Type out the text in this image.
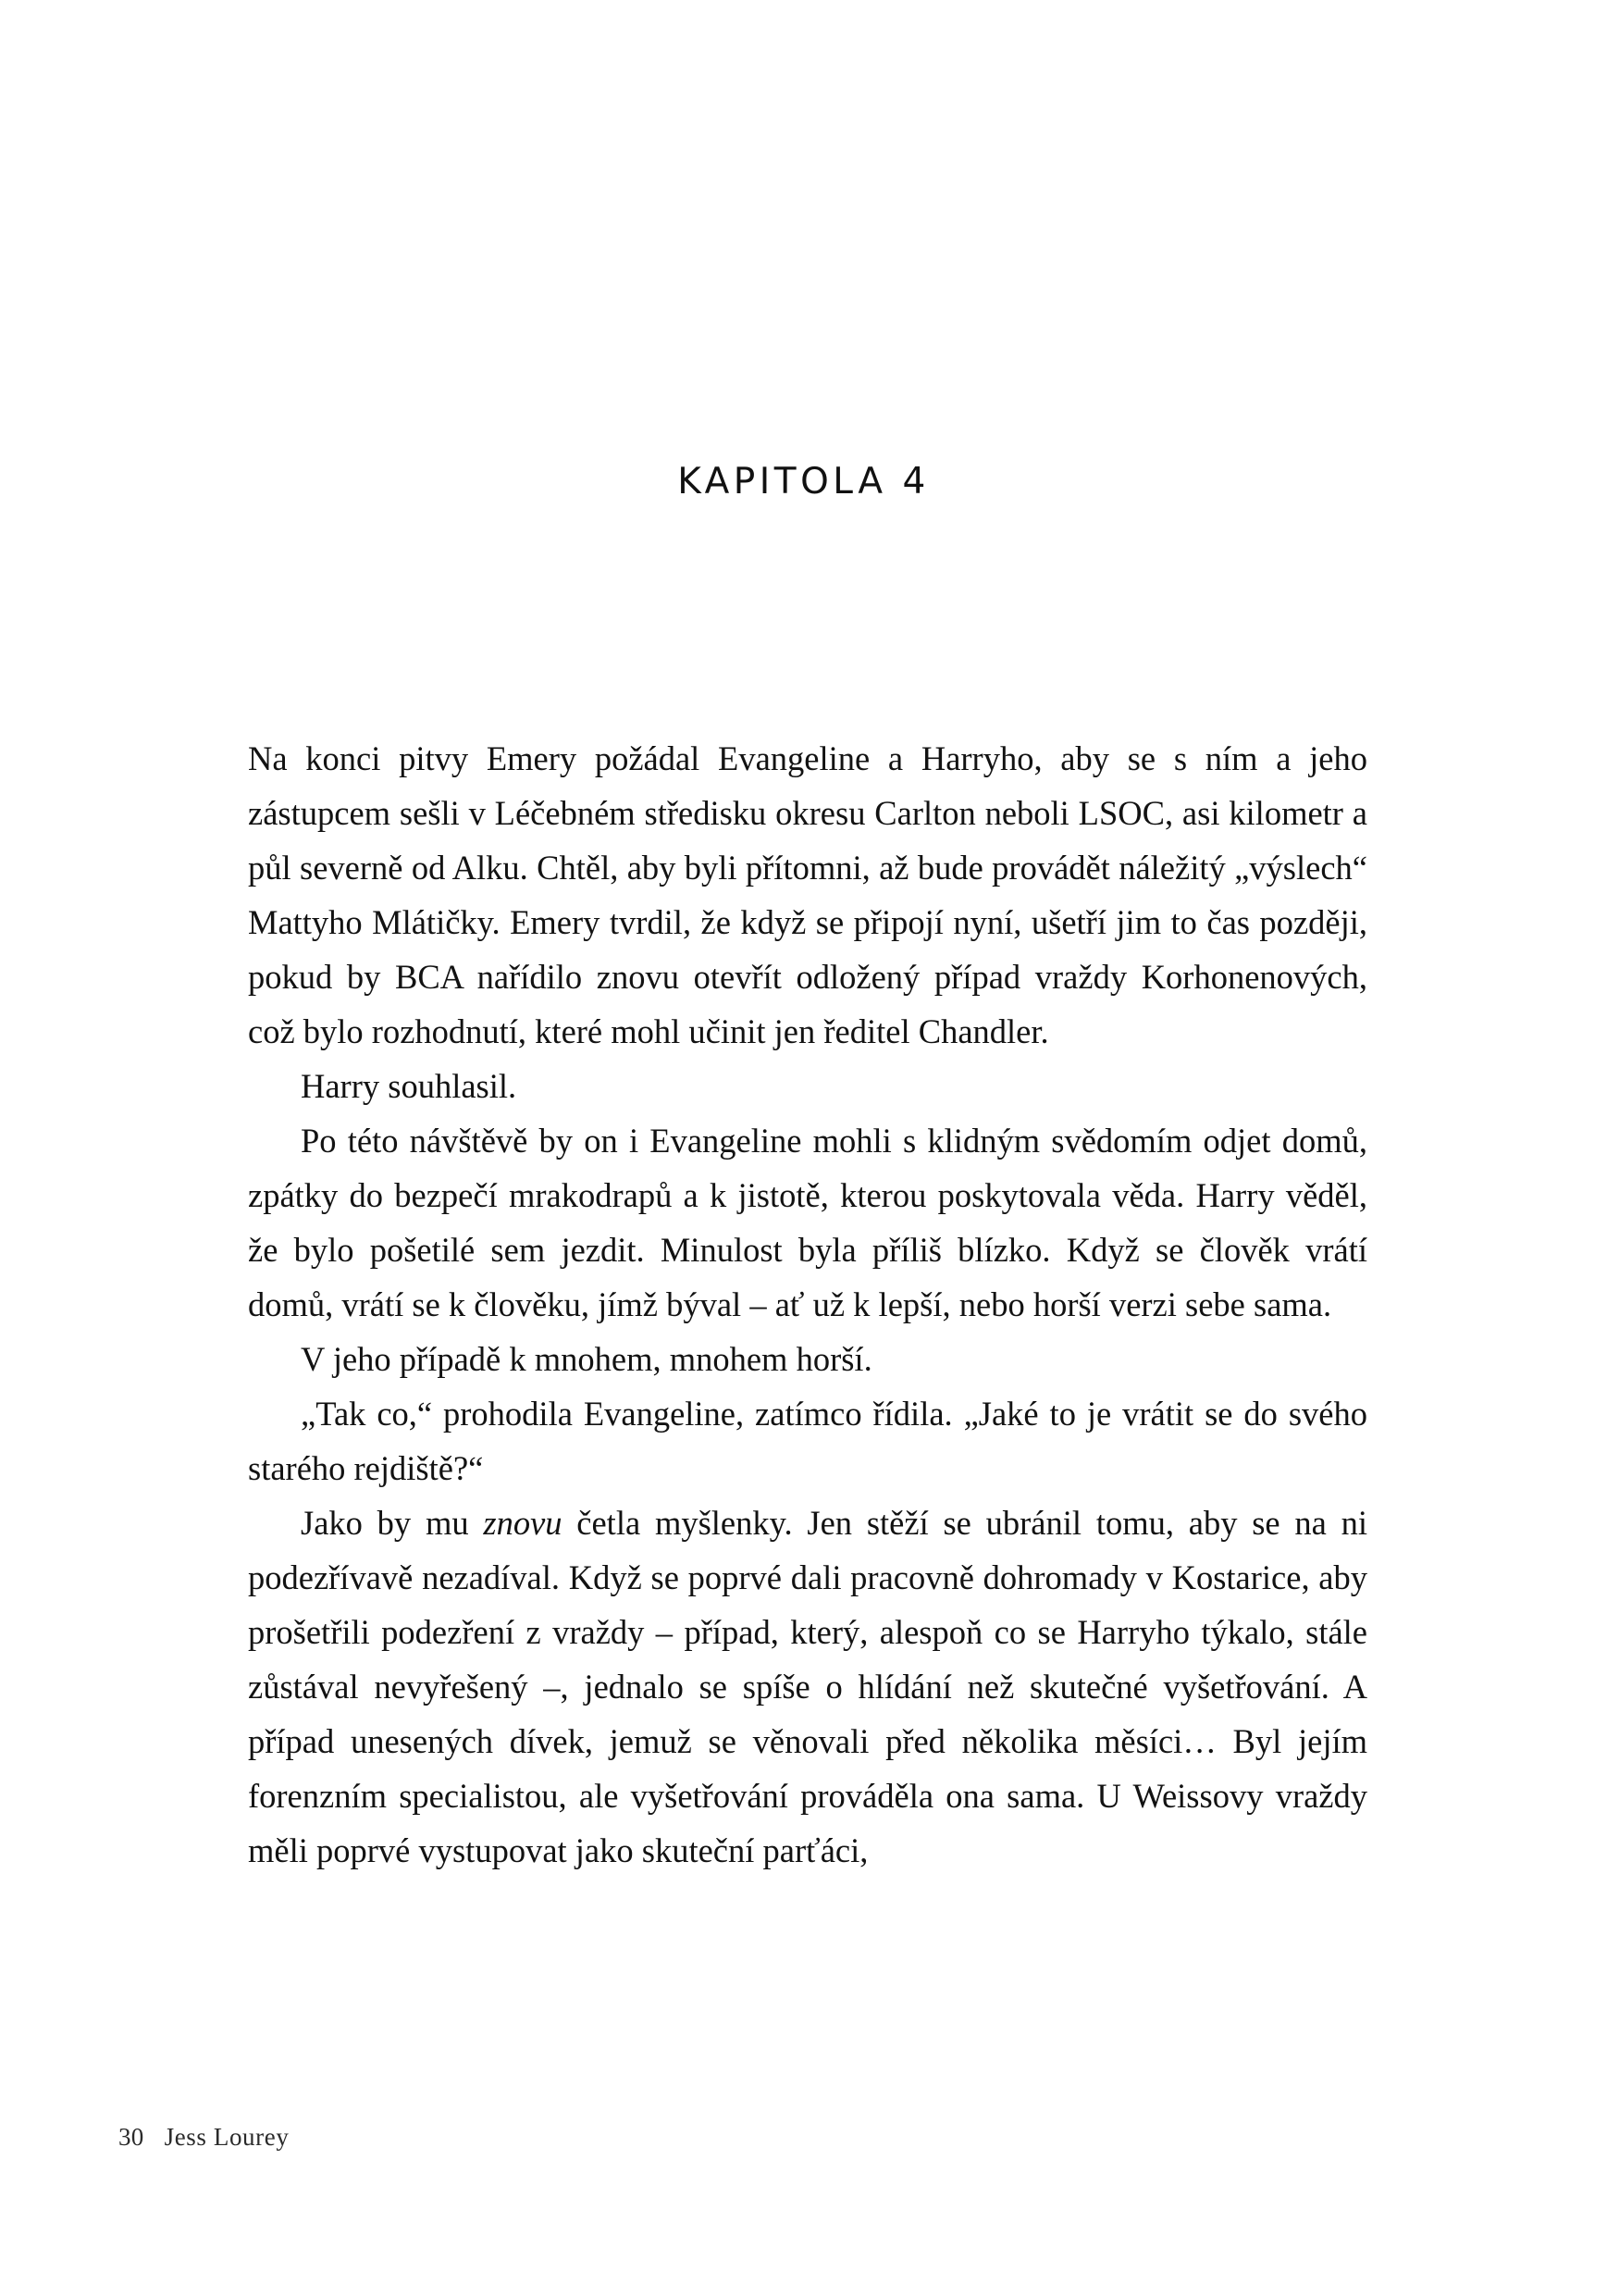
KAPITOLA 4

Na konci pitvy Emery požádal Evangeline a Harryho, aby se s ním a jeho zástupcem sešli v Léčebném středisku okresu Carlton neboli LSOC, asi kilometr a půl severně od Alku. Chtěl, aby byli přítomni, až bude provádět náležitý „výslech“ Mattyho Mlátičky. Emery tvrdil, že když se připojí nyní, ušetří jim to čas později, pokud by BCA nařídilo znovu otevřít odložený případ vraždy Korhonenových, což bylo rozhodnutí, které mohl učinit jen ředitel Chandler.

Harry souhlasil.

Po této návštěvě by on i Evangeline mohli s klidným svědomím odjet domů, zpátky do bezpečí mrakodrapů a k jistotě, kterou poskytovala věda. Harry věděl, že bylo pošetilé sem jezdit. Minulost byla příliš blízko. Když se člověk vrátí domů, vrátí se k člověku, jímž býval – ať už k lepší, nebo horší verzi sebe sama.

V jeho případě k mnohem, mnohem horší.

„Tak co,“ prohodila Evangeline, zatímco řídila. „Jaké to je vrátit se do svého starého rejdiště?“

Jako by mu znovu četla myšlenky. Jen stěží se ubránil tomu, aby se na ni podezřívavě nezadíval. Když se poprvé dali pracovně dohromady v Kostarice, aby prošetřili podezření z vraždy – případ, který, alespoň co se Harryho týkalo, stále zůstával nevyřešený –, jednalo se spíše o hlídání než skutečné vyšetřování. A případ unesených dívek, jemuž se věnovali před několika měsíci… Byl jejím forenzním specialistou, ale vyšetřování prováděla ona sama. U Weissovy vraždy měli poprvé vystupovat jako skuteční parťáci,

30 Jess Lourey
